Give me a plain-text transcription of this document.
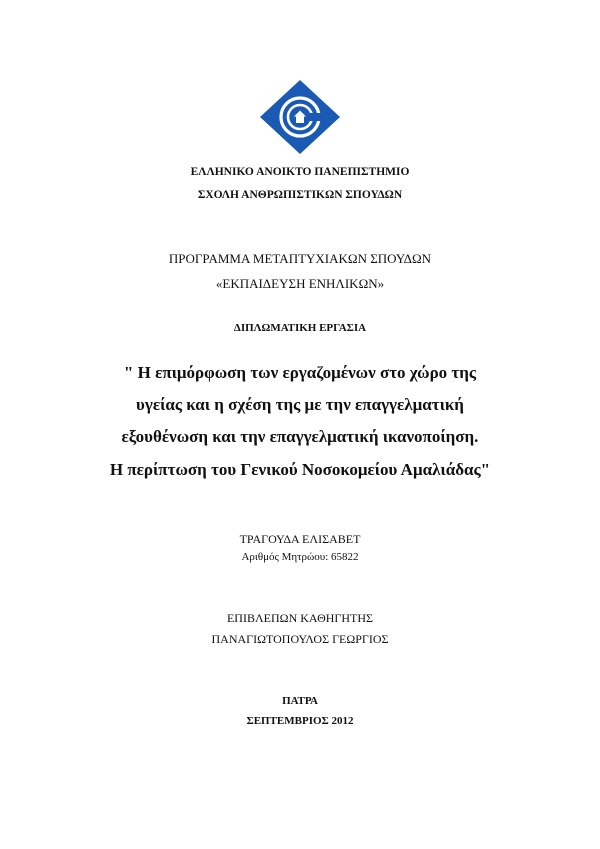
ΕΛΛΗΝΙΚΟ ΑΝΟΙΚΤΟ ΠΑΝΕΠΙΣΤΗΜΙΟ
ΣΧΟΛΗ ΑΝΘΡΩΠΙΣΤΙΚΩΝ ΣΠΟΥΔΩΝ
ΠΡΟΓΡΑΜΜΑ ΜΕΤΑΠΤΥΧΙΑΚΩΝ ΣΠΟΥΔΩΝ
«ΕΚΠΑΙΔΕΥΣΗ ΕΝΗΛΙΚΩΝ»
ΔΙΠΛΩΜΑΤΙΚΗ ΕΡΓΑΣΙΑ
" Η επιμόρφωση των εργαζομένων στο χώρο της
υγείας και η σχέση της με την επαγγελματική
εξουθένωση και την επαγγελματική ικανοποίηση.
Η περίπτωση του Γενικού Νοσοκομείου Αμαλιάδας"
ΤΡΑΓΟΥΔΑ ΕΛΙΣΑΒΕΤ
Αριθμός Μητρώου: 65822
ΕΠΙΒΛΕΠΩΝ ΚΑΘΗΓΗΤΗΣ
ΠΑΝΑΓΙΩΤΟΠΟΥΛΟΣ ΓΕΩΡΓΙΟΣ
ΠΑΤΡΑ
ΣΕΠΤΕΜΒΡΙΟΣ 2012
